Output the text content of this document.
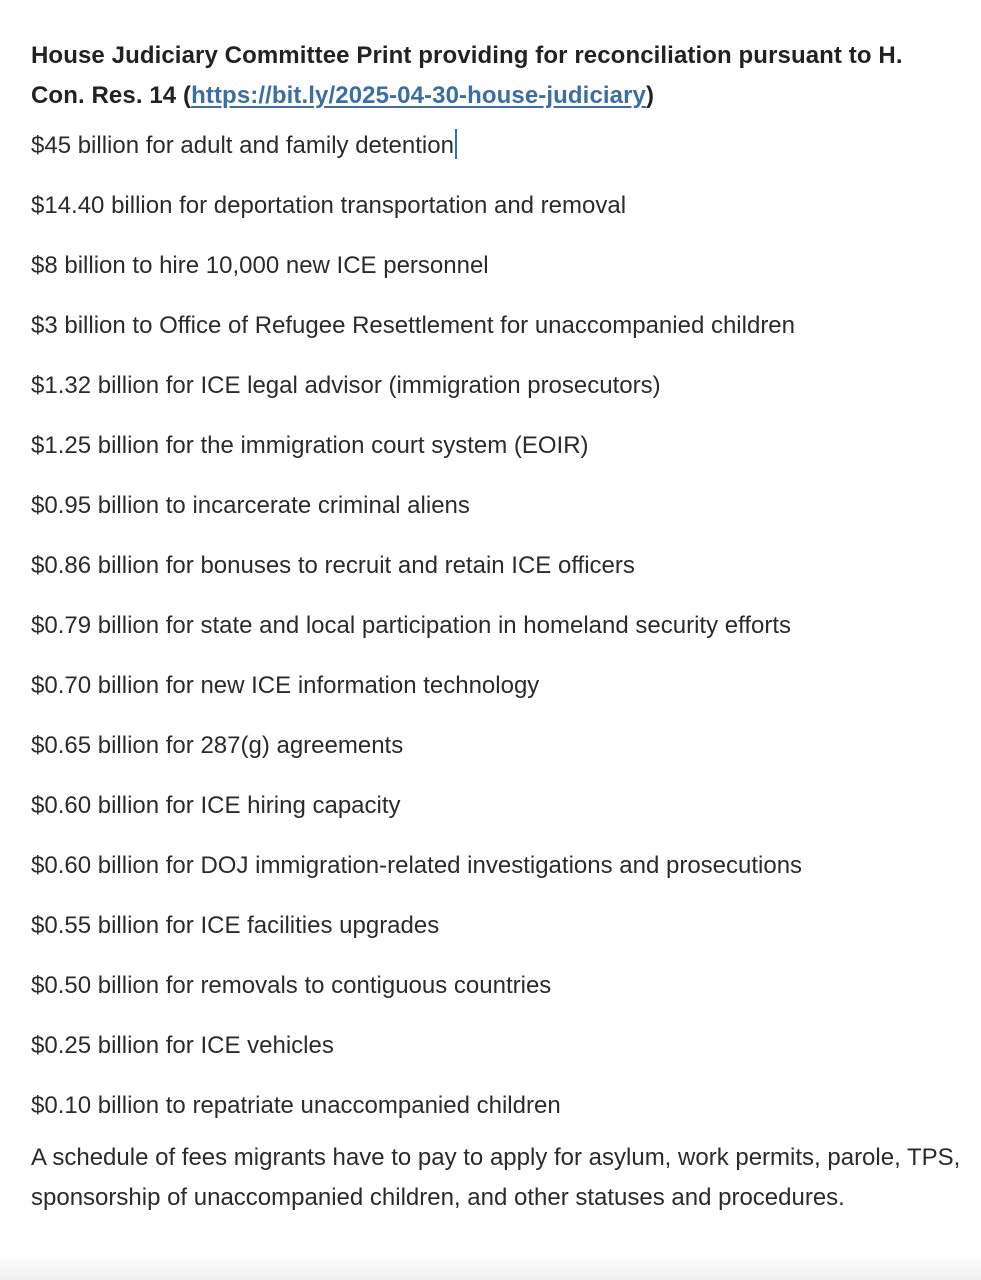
House Judiciary Committee Print providing for reconciliation pursuant to H. Con. Res. 14 (https://bit.ly/2025-04-30-house-judiciary)

$45 billion for adult and family detention
$14.40 billion for deportation transportation and removal
$8 billion to hire 10,000 new ICE personnel
$3 billion to Office of Refugee Resettlement for unaccompanied children
$1.32 billion for ICE legal advisor (immigration prosecutors)
$1.25 billion for the immigration court system (EOIR)
$0.95 billion to incarcerate criminal aliens
$0.86 billion for bonuses to recruit and retain ICE officers
$0.79 billion for state and local participation in homeland security efforts
$0.70 billion for new ICE information technology
$0.65 billion for 287(g) agreements
$0.60 billion for ICE hiring capacity
$0.60 billion for DOJ immigration-related investigations and prosecutions
$0.55 billion for ICE facilities upgrades
$0.50 billion for removals to contiguous countries
$0.25 billion for ICE vehicles
$0.10 billion to repatriate unaccompanied children

A schedule of fees migrants have to pay to apply for asylum, work permits, parole, TPS, sponsorship of unaccompanied children, and other statuses and procedures.
